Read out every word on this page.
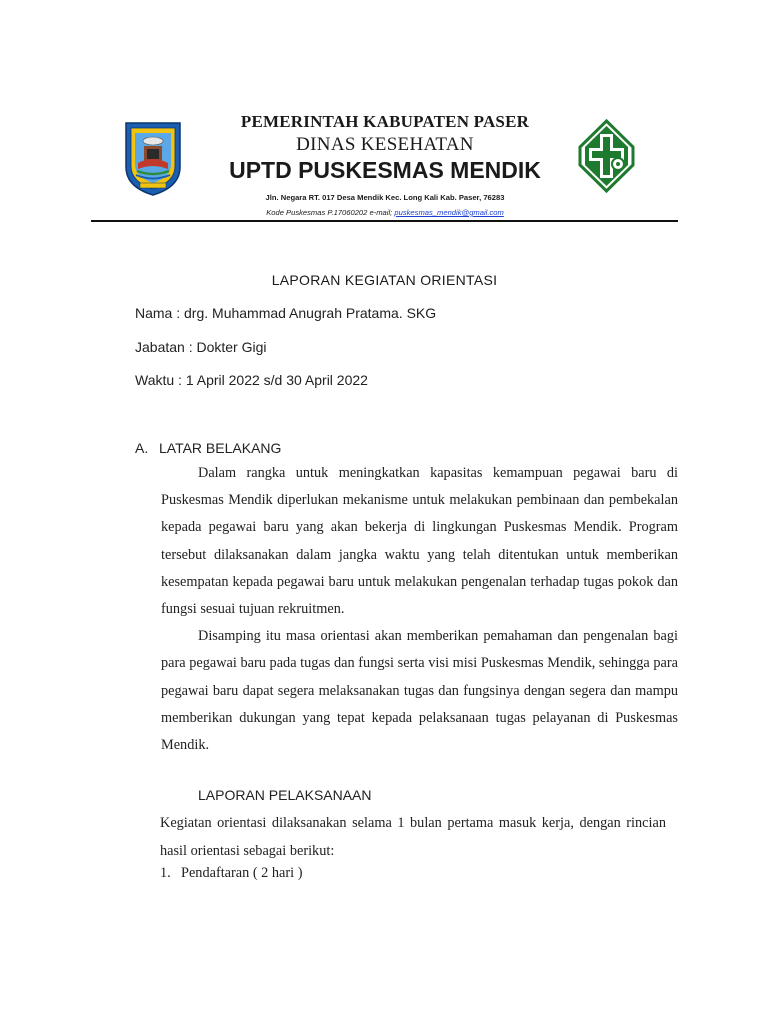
PEMERINTAH KABUPATEN PASER
DINAS KESEHATAN
UPTD PUSKESMAS MENDIK
Jln. Negara RT. 017 Desa Mendik Kec. Long Kali Kab. Paser, 76283
Kode Puskesmas P.17060202 e-mail; puskesmas_mendik@gmail.com
LAPORAN KEGIATAN ORIENTASI
Nama : drg. Muhammad Anugrah Pratama. SKG
Jabatan : Dokter Gigi
Waktu : 1 April 2022 s/d 30 April 2022
A. LATAR BELAKANG

Dalam rangka untuk meningkatkan kapasitas kemampuan pegawai baru di Puskesmas Mendik diperlukan mekanisme untuk melakukan pembinaan dan pembekalan kepada pegawai baru yang akan bekerja di lingkungan Puskesmas Mendik. Program tersebut dilaksanakan dalam jangka waktu yang telah ditentukan untuk memberikan kesempatan kepada pegawai baru untuk melakukan pengenalan terhadap tugas pokok dan fungsi sesuai tujuan rekruitmen.

Disamping itu masa orientasi akan memberikan pemahaman dan pengenalan bagi para pegawai baru pada tugas dan fungsi serta visi misi Puskesmas Mendik, sehingga para pegawai baru dapat segera melaksanakan tugas dan fungsinya dengan segera dan mampu memberikan dukungan yang tepat kepada pelaksanaan tugas pelayanan di Puskesmas Mendik.

LAPORAN PELAKSANAAN

Kegiatan orientasi dilaksanakan selama 1 bulan pertama masuk kerja, dengan rincian hasil orientasi sebagai berikut:

1. Pendaftaran ( 2 hari )
